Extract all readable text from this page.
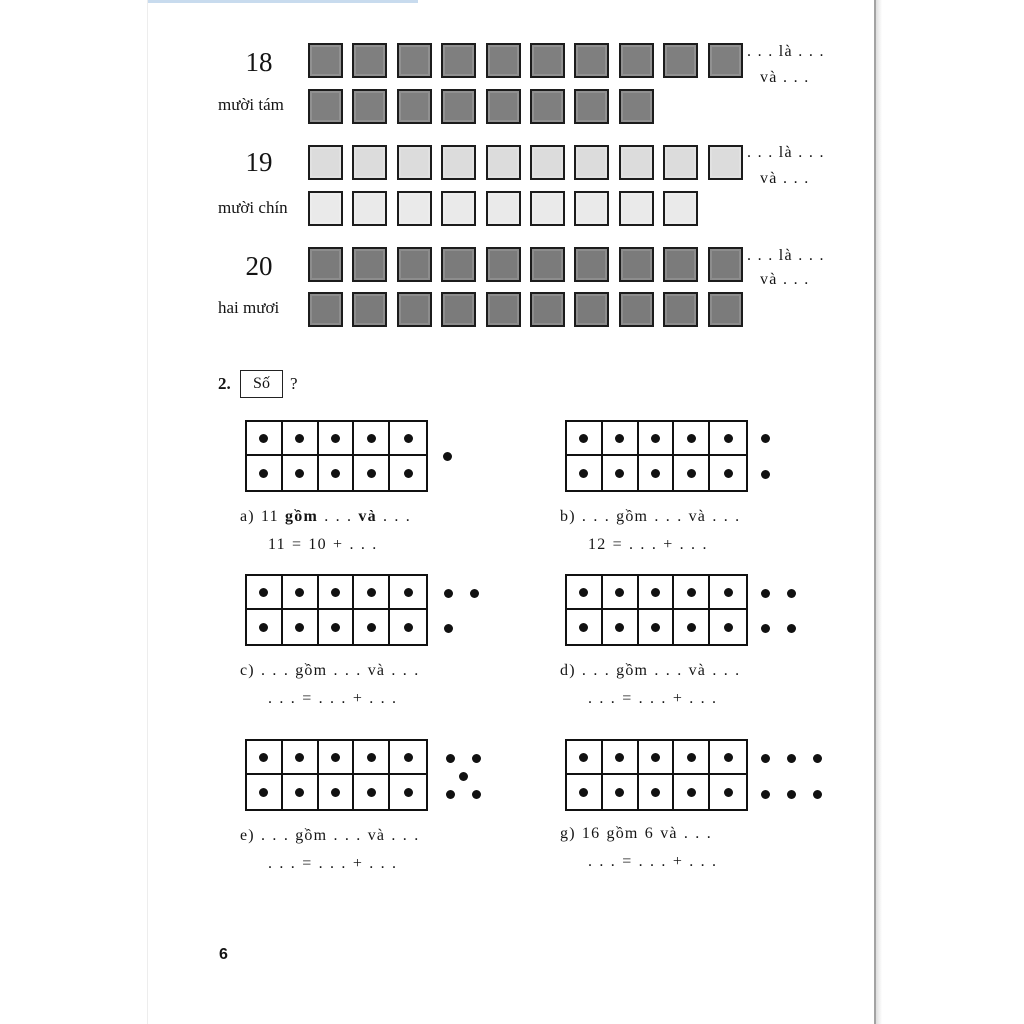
18	. . . là . . .
và . . .
mười tám
19	. . . là . . .
và . . .
mười chín
20	. . . là . . .
và . . .
hai mươi
2. Số ?
a) 11 gồm . . . và . . .
11 = 10 + . . .
b) . . . gồm . . . và . . .
12 = . . . + . . .
c) . . . gồm . . . và . . .
. . . = . . . + . . .
d) . . . gồm . . . và . . .
. . . = . . . + . . .
e) . . . gồm . . . và . . .
. . . = . . . + . . .
g) 16 gồm 6 và . . .
. . . = . . . + . . .
6
